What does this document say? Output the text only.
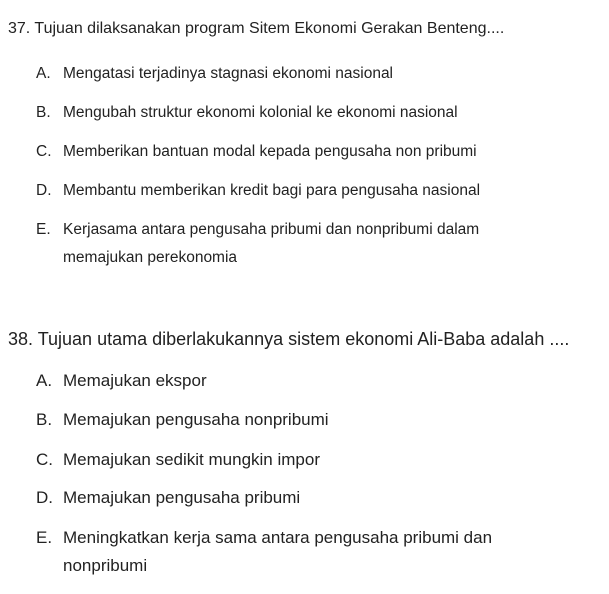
37. Tujuan dilaksanakan program Sitem Ekonomi Gerakan Benteng....
A. Mengatasi terjadinya stagnasi ekonomi nasional
B. Mengubah struktur ekonomi kolonial ke ekonomi nasional
C. Memberikan bantuan modal kepada pengusaha non pribumi
D. Membantu memberikan kredit bagi para pengusaha nasional
E. Kerjasama antara pengusaha pribumi dan nonpribumi dalam
memajukan perekonomia
38. Tujuan utama diberlakukannya sistem ekonomi Ali-Baba adalah ....
A. Memajukan ekspor
B. Memajukan pengusaha nonpribumi
C. Memajukan sedikit mungkin impor
D. Memajukan pengusaha pribumi
E. Meningkatkan kerja sama antara pengusaha pribumi dan
nonpribumi
